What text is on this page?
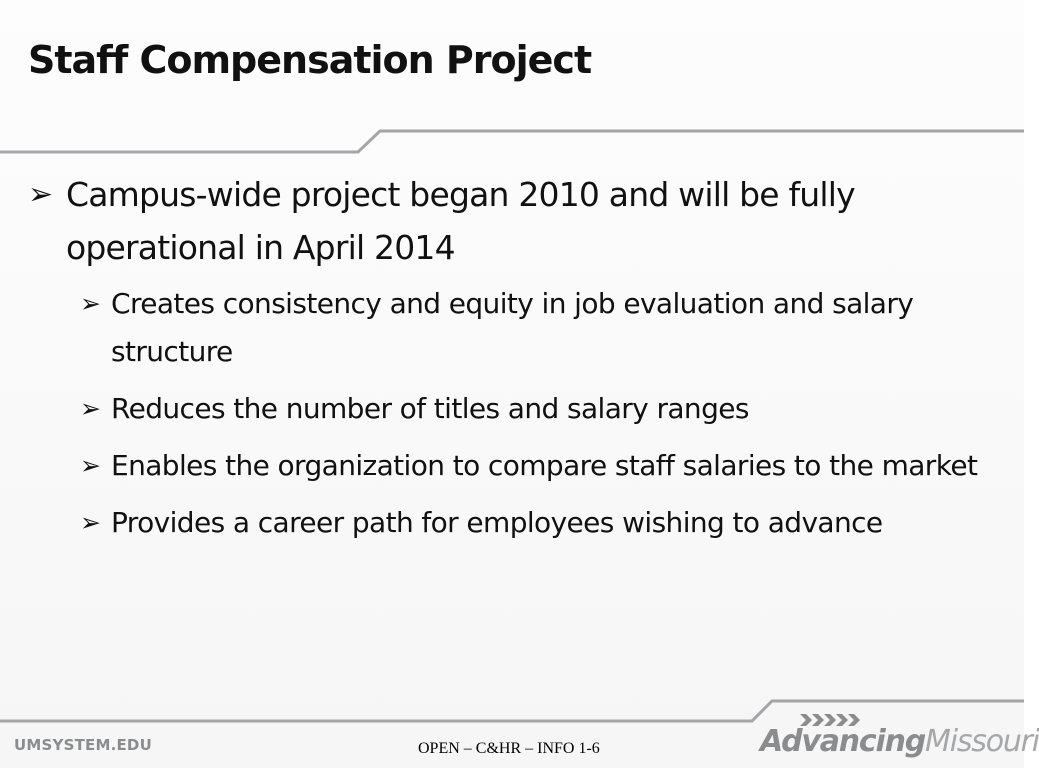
Staff Compensation Project
➢ Campus-wide project began 2010 and will be fully operational in April 2014
➢ Creates consistency and equity in job evaluation and salary structure
➢ Reduces the number of titles and salary ranges
➢ Enables the organization to compare staff salaries to the market
➢ Provides a career path for employees wishing to advance
UMSYSTEM.EDU	OPEN – C&HR – INFO 1-6	AdvancingMissouri
